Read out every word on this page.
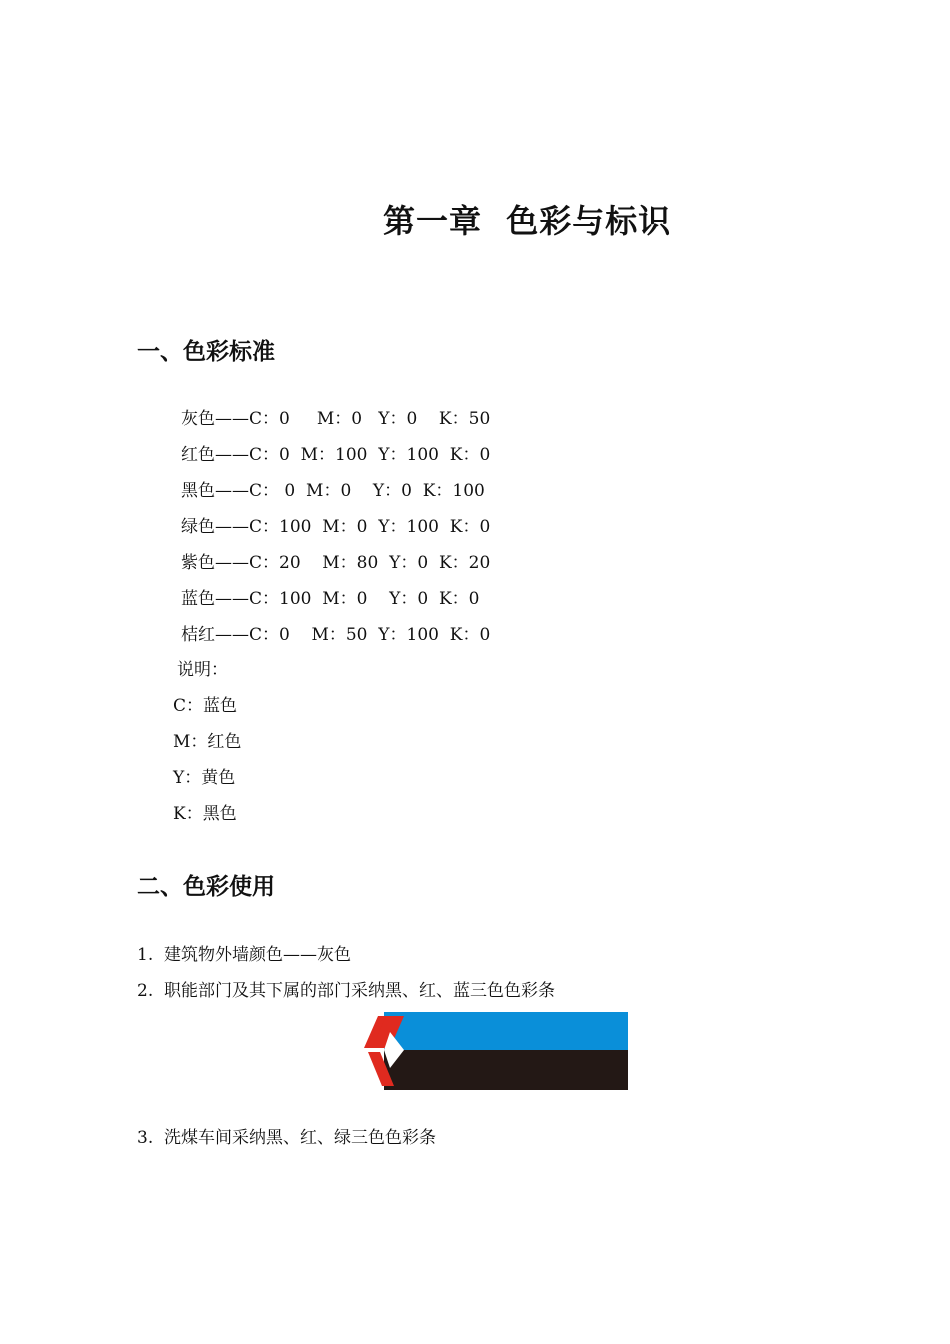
第一章  色彩与标识
一、色彩标准
灰色——C：0     M：0   Y：0    K：50
红色——C：0  M：100  Y：100  K：0
黑色——C： 0  M：0    Y：0  K：100
绿色——C：100  M：0  Y：100  K：0
紫色——C：20    M：80  Y：0  K：20
蓝色——C：100  M：0    Y：0  K：0
桔红——C：0    M：50  Y：100  K：0
说明：
C：蓝色
M：红色
Y：黄色
K：黑色
二、色彩使用
1.  建筑物外墙颜色——灰色
2.  职能部门及其下属的部门采纳黑、红、蓝三色色彩条
3.  洗煤车间采纳黑、红、绿三色色彩条
